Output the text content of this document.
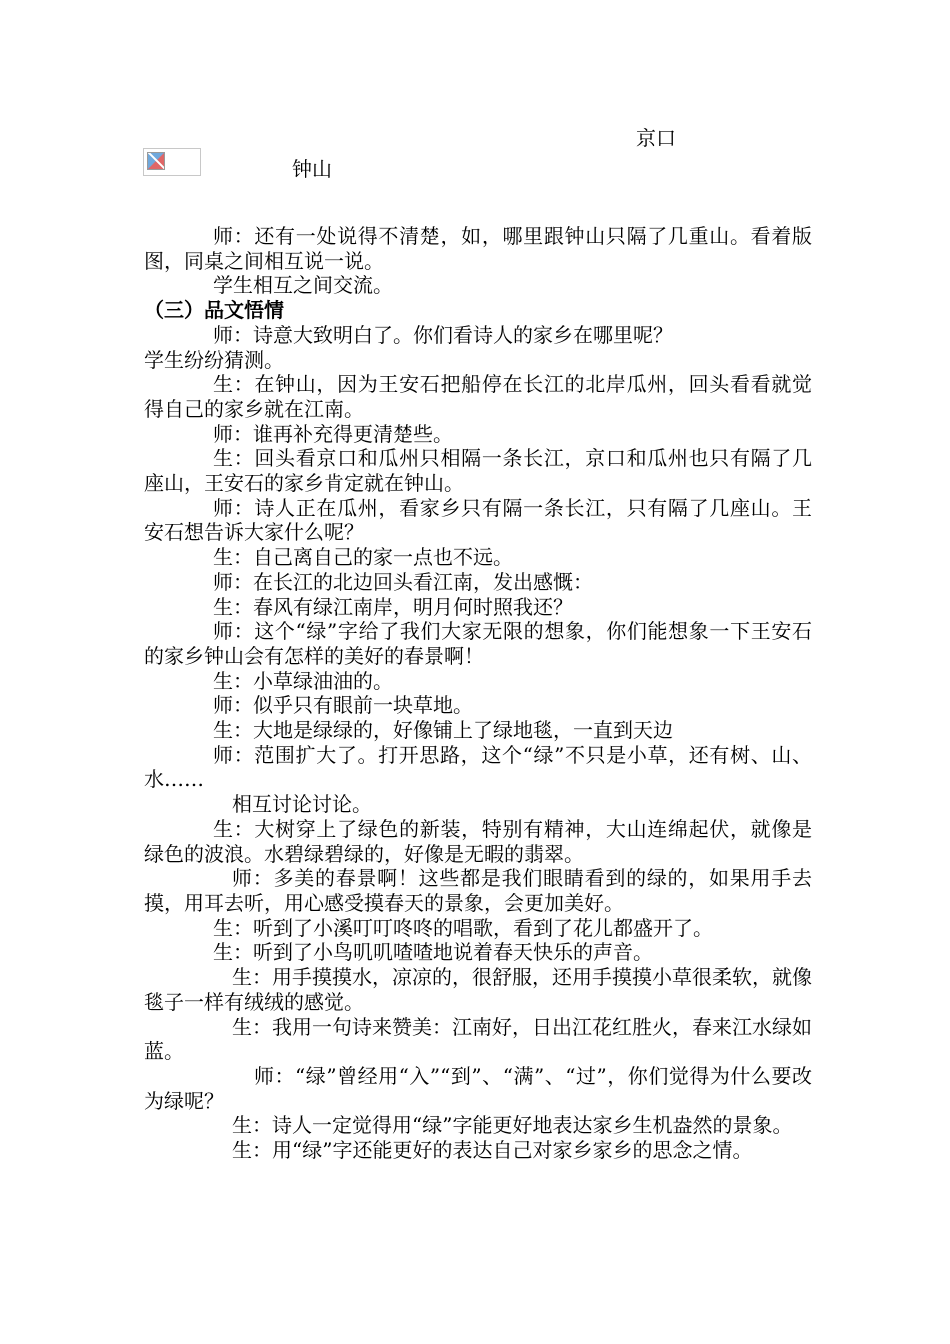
京口
钟山

师：还有一处说得不清楚，如，哪里跟钟山只隔了几重山。看着版图，同桌之间相互说一说。

学生相互之间交流。

（三）品文悟情

师：诗意大致明白了。你们看诗人的家乡在哪里呢？

学生纷纷猜测。

生：在钟山，因为王安石把船停在长江的北岸瓜州，回头看看就觉得自己的家乡就在江南。

师：谁再补充得更清楚些。

生：回头看京口和瓜州只相隔一条长江，京口和瓜州也只有隔了几座山，王安石的家乡肯定就在钟山。

师：诗人正在瓜州，看家乡只有隔一条长江，只有隔了几座山。王安石想告诉大家什么呢？

生：自己离自己的家一点也不远。

师：在长江的北边回头看江南，发出感慨：

生：春风有绿江南岸，明月何时照我还？

师：这个“绿”字给了我们大家无限的想象，你们能想象一下王安石的家乡钟山会有怎样的美好的春景啊！

生：小草绿油油的。

师：似乎只有眼前一块草地。

生：大地是绿绿的，好像铺上了绿地毯，一直到天边

师：范围扩大了。打开思路，这个“绿”不只是小草，还有树、山、水……

相互讨论讨论。

生：大树穿上了绿色的新装，特别有精神，大山连绵起伏，就像是绿色的波浪。水碧绿碧绿的，好像是无暇的翡翠。

师：多美的春景啊！这些都是我们眼睛看到的绿的，如果用手去摸，用耳去听，用心感受摸春天的景象，会更加美好。

生：听到了小溪叮叮咚咚的唱歌，看到了花儿都盛开了。

生：听到了小鸟叽叽喳喳地说着春天快乐的声音。

生：用手摸摸水，凉凉的，很舒服，还用手摸摸小草很柔软，就像毯子一样有绒绒的感觉。

生：我用一句诗来赞美：江南好，日出江花红胜火，春来江水绿如蓝。

师：“绿”曾经用“入”“到”、“满”、“过”，你们觉得为什么要改为绿呢？

生：诗人一定觉得用“绿”字能更好地表达家乡生机盎然的景象。

生：用“绿”字还能更好的表达自己对家乡家乡的思念之情。
